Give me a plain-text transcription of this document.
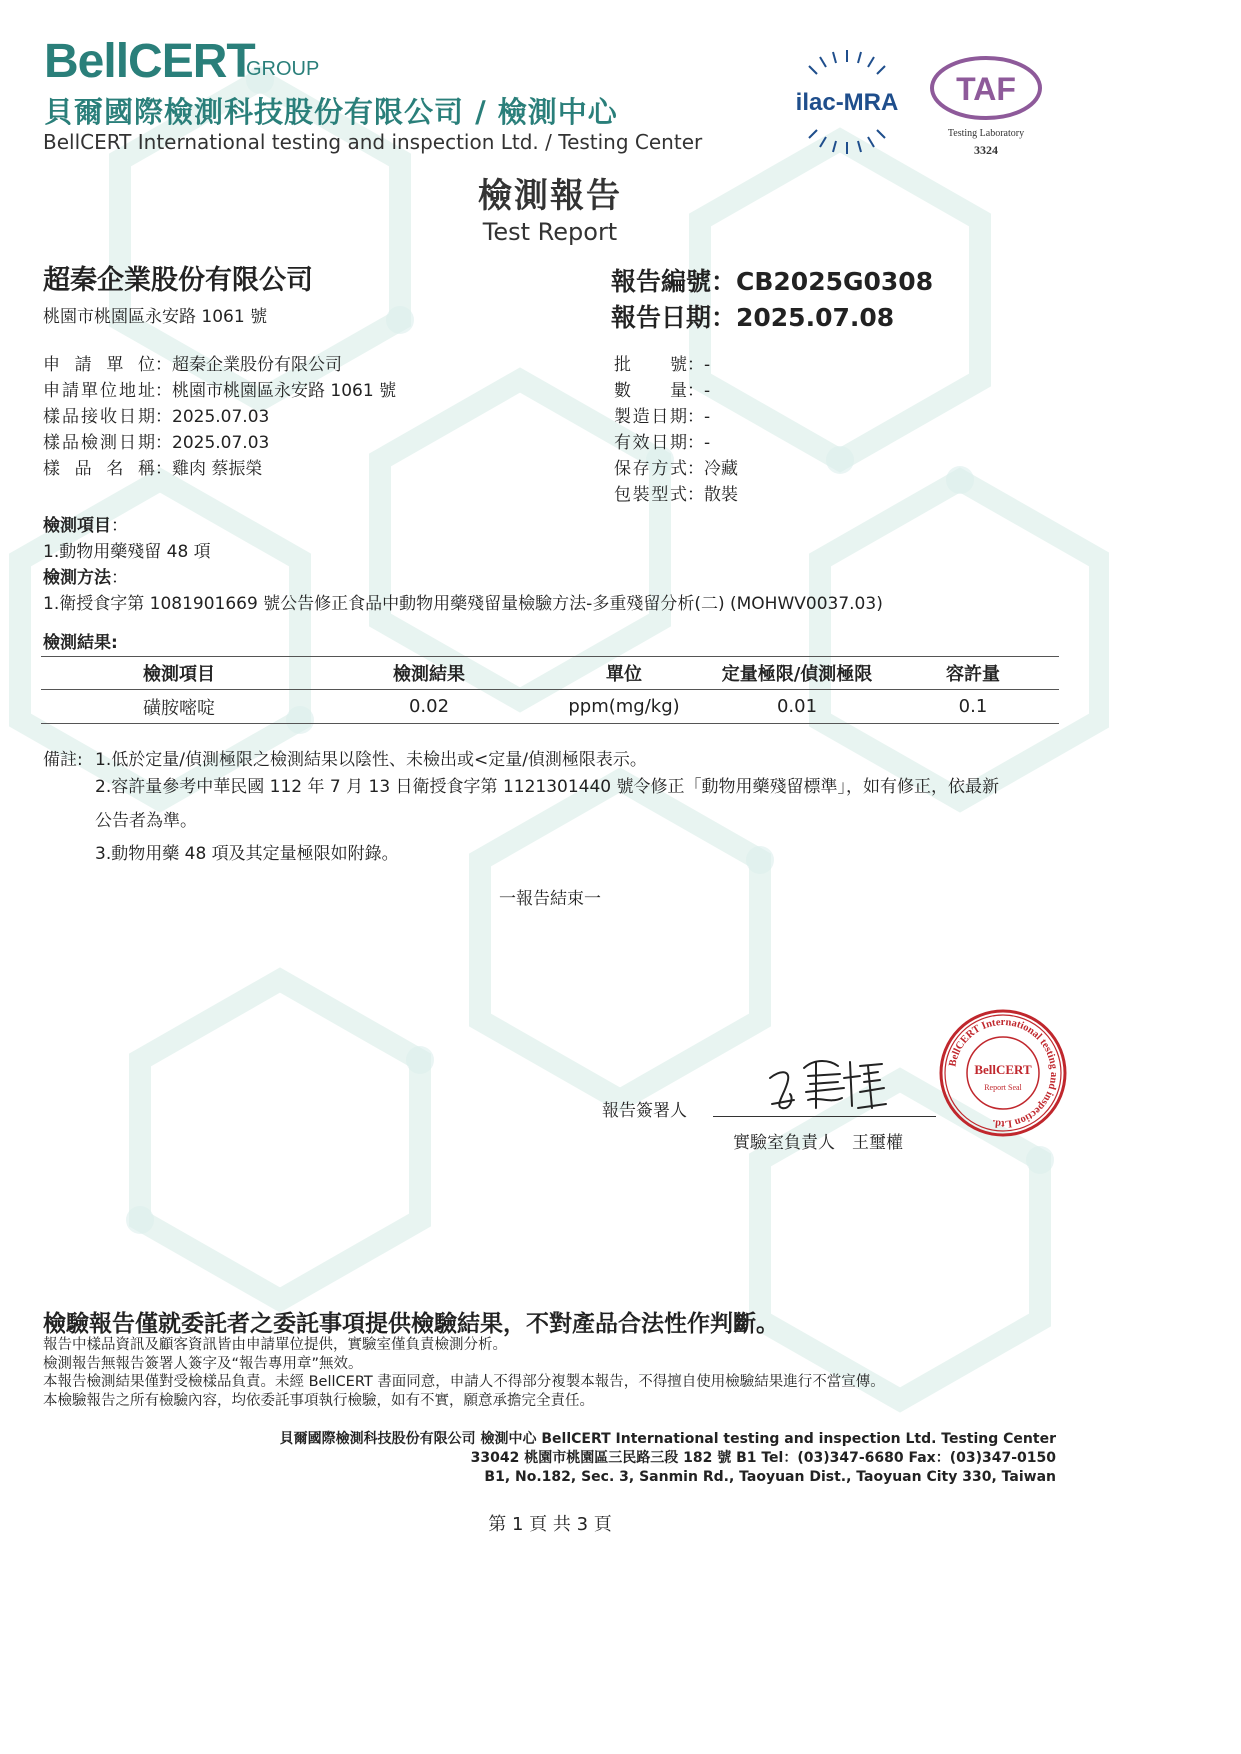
BellCERT
GROUP
貝爾國際檢測科技股份有限公司 / 檢測中心
BellCERT International testing and inspection Ltd. / Testing Center
ilac-MRA TAF
Testing Laboratory
3324
檢測報告
Test Report
超秦企業股份有限公司
桃園市桃園區永安路 1061 號
報告編號：CB2025G0308
報告日期：2025.07.08
申請單位 ： 超秦企業股份有限公司
申請單位地址 ： 桃園市桃園區永安路 1061 號
樣品接收日期 ： 2025.07.03
樣品檢測日期 ： 2025.07.03
樣品名稱 ： 雞肉 蔡振榮
批號 ： -
數量 ： -
製造日期 ： -
有效日期 ： -
保存方式 ： 冷藏
包裝型式 ： 散裝
檢測項目：
1.動物用藥殘留 48 項
檢測方法：
1.衛授食字第 1081901669 號公告修正食品中動物用藥殘留量檢驗方法-多重殘留分析(二) (MOHWV0037.03)
檢測結果:
檢測項目	檢測結果	單位	定量極限/偵測極限	容許量
磺胺嘧啶	0.02	ppm(mg/kg)	0.01	0.1
備註: 1.低於定量/偵測極限之檢測結果以陰性、未檢出或<定量/偵測極限表示。
2.容許量參考中華民國 112 年 7 月 13 日衛授食字第 1121301440 號令修正「動物用藥殘留標準」，如有修正，依最新
公告者為準。
3.動物用藥 48 項及其定量極限如附錄。
一報告結束一
報告簽署人
實驗室負責人　王璽權
BellCERT International testing and inspection Ltd.
BellCERT
Report Seal
檢驗報告僅就委託者之委託事項提供檢驗結果，不對產品合法性作判斷。
報告中樣品資訊及顧客資訊皆由申請單位提供，實驗室僅負責檢測分析。
檢測報告無報告簽署人簽字及“報告專用章”無效。
本報告檢測結果僅對受檢樣品負責。未經 BellCERT 書面同意，申請人不得部分複製本報告，不得擅自使用檢驗結果進行不當宣傳。
本檢驗報告之所有檢驗內容，均依委託事項執行檢驗，如有不實，願意承擔完全責任。
貝爾國際檢測科技股份有限公司 檢測中心 BellCERT International testing and inspection Ltd. Testing Center
33042 桃園市桃園區三民路三段 182 號 B1 Tel：(03)347-6680 Fax：(03)347-0150
B1, No.182, Sec. 3, Sanmin Rd., Taoyuan Dist., Taoyuan City 330, Taiwan
第 1 頁 共 3 頁
